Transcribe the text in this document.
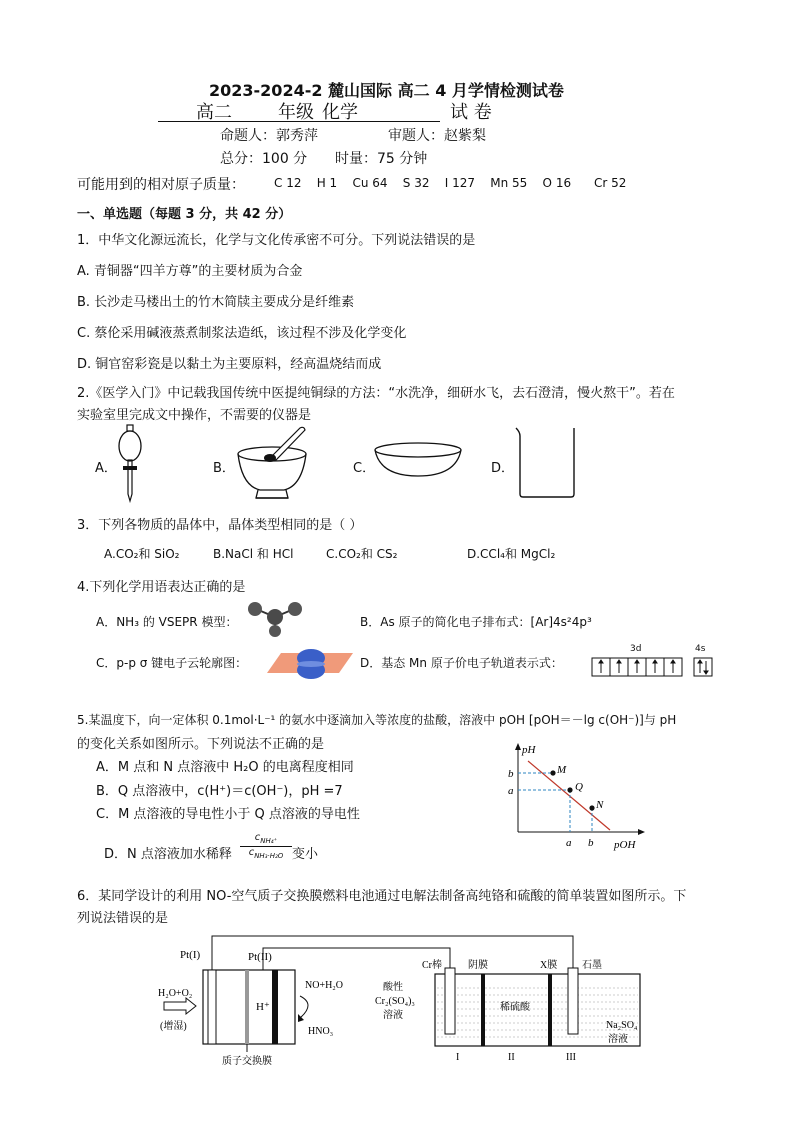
2023-2024-2 麓山国际 高二 4 月学情检测试卷
高二	年级 化学	试 卷
命题人：郭秀萍	审题人：赵紫梨
总分：100 分 时量：75 分钟
可能用到的相对原子质量： C 12    H 1    Cu 64    S 32    I 127    Mn 55    O 16      Cr 52
一、单选题（每题 3 分，共 42 分）
1．中华文化源远流长，化学与文化传承密不可分。下列说法错误的是
A. 青铜器“四羊方尊”的主要材质为合金
B. 长沙走马楼出土的竹木简牍主要成分是纤维素
C. 蔡伦采用碱液蒸煮制浆法造纸，该过程不涉及化学变化
D. 铜官窑彩瓷是以黏土为主要原料，经高温烧结而成
2.《医学入门》中记载我国传统中医提纯铜绿的方法：“水洗净，细研水飞，去石澄清，慢火熬干”。若在
实验室里完成文中操作，不需要的仪器是
A．	B．	C．	D．
3．下列各物质的晶体中，晶体类型相同的是（ ）
A.CO₂和 SiO₂	B.NaCl 和 HCl	C.CO₂和 CS₂	D.CCl₄和 MgCl₂
4.下列化学用语表达正确的是
A．NH₃ 的 VSEPR 模型：	B．As 原子的简化电子排布式：[Ar]4s²4p³
C．p-p σ 键电子云轮廓图：	D．基态 Mn 原子价电子轨道表示式：
3d	4s
5.某温度下，向一定体积 0.1mol·L⁻¹ 的氨水中逐滴加入等浓度的盐酸，溶液中 pOH [pOH＝－lg c(OH⁻)]与 pH
的变化关系如图所示。下列说法不正确的是
A．M 点和 N 点溶液中 H₂O 的电离程度相同
B．Q 点溶液中，c(H⁺)＝c(OH⁻)，pH =7
C．M 点溶液的导电性小于 Q 点溶液的导电性
D．N 点溶液加水稀释
$c_{NH_4^+}$
$c_{NH_3\cdot H_2O}$ 变小
pH
pOH
M
Q
N
b
a
a b
6．某同学设计的利用 NO-空气质子交换膜燃料电池通过电解法制备高纯铬和硫酸的简单装置如图所示。下
列说法错误的是
H⁺
Pt(I)	Pt(II)
H₂O+O₂
(增湿)
NO+H₂O
HNO₃
质子交换膜
Cr棒	阴膜	X膜 石墨
酸性
Cr₂(SO₄)₃
溶液
稀硫酸
Na₂SO₄
溶液
I	II	III
